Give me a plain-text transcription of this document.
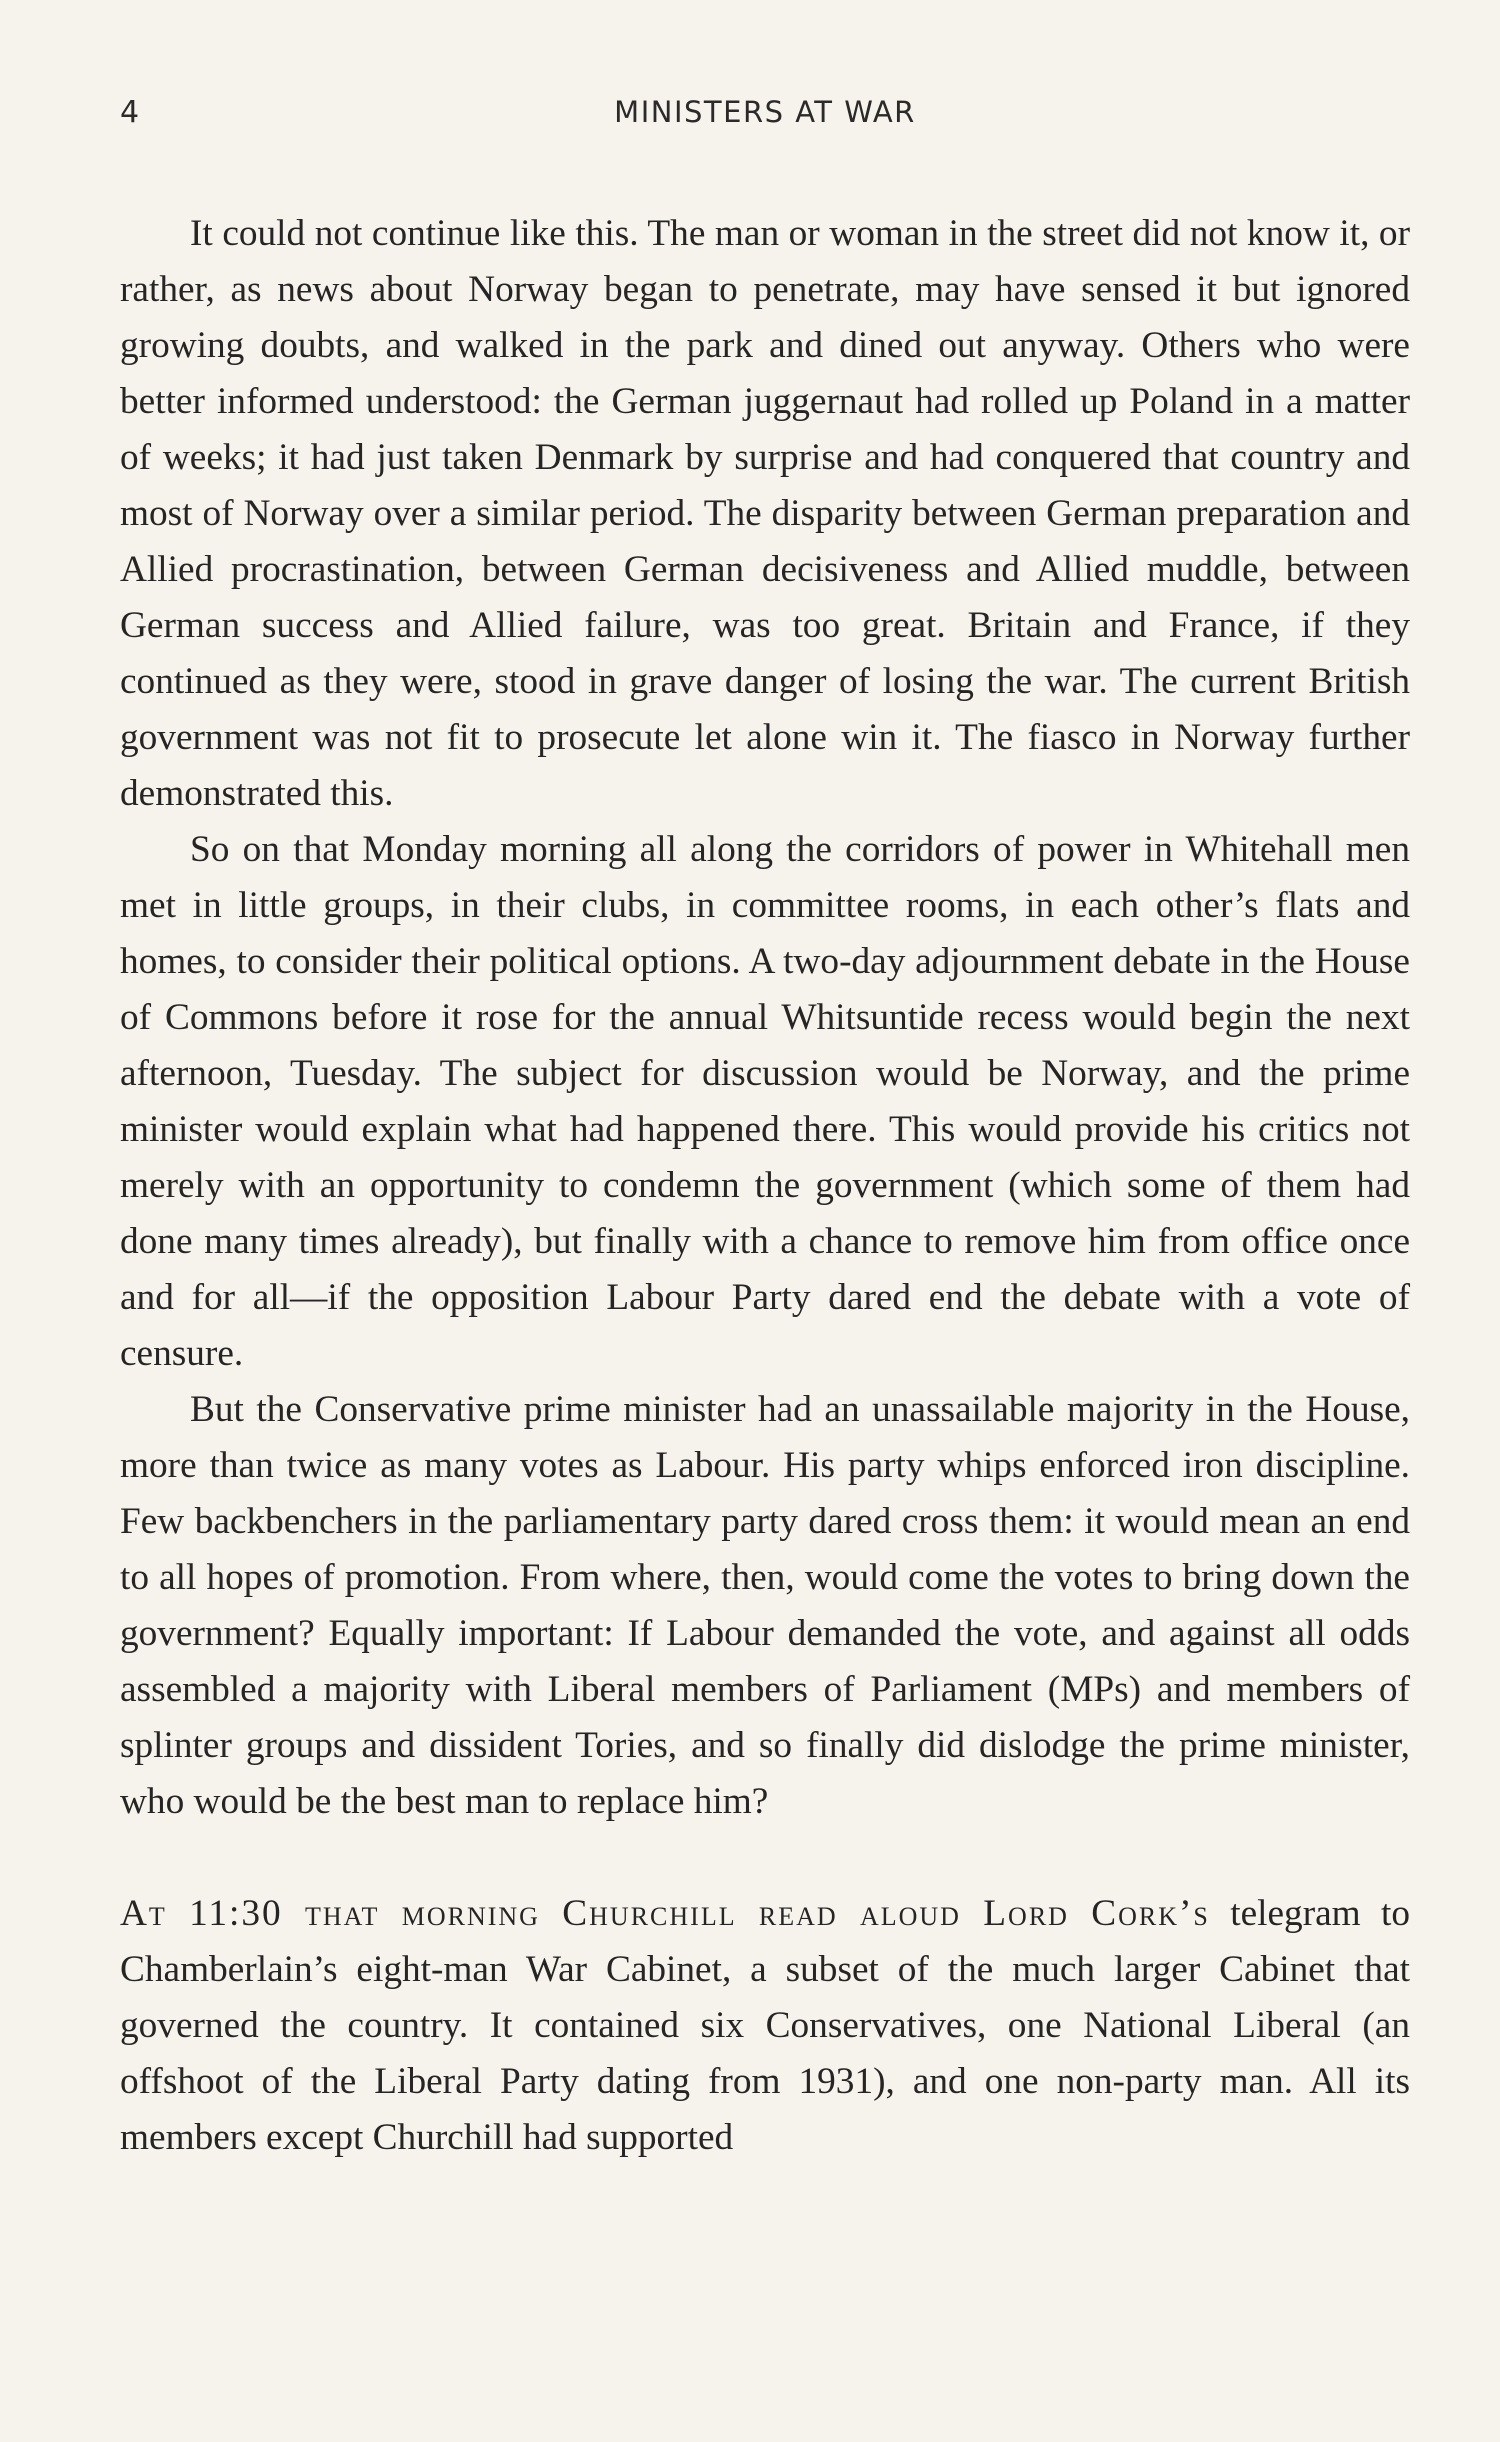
4	MINISTERS AT WAR

It could not continue like this. The man or woman in the street did not know it, or rather, as news about Norway began to penetrate, may have sensed it but ignored growing doubts, and walked in the park and dined out anyway. Others who were better informed understood: the German juggernaut had rolled up Poland in a matter of weeks; it had just taken Denmark by surprise and had conquered that country and most of Norway over a similar period. The disparity between German preparation and Allied procrastination, between German decisiveness and Allied muddle, between German success and Allied failure, was too great. Britain and France, if they continued as they were, stood in grave danger of losing the war. The current British government was not fit to prosecute let alone win it. The fiasco in Norway further demonstrated this.

So on that Monday morning all along the corridors of power in Whitehall men met in little groups, in their clubs, in committee rooms, in each other’s flats and homes, to consider their political options. A two-day adjournment debate in the House of Commons before it rose for the annual Whitsuntide recess would begin the next afternoon, Tuesday. The subject for discussion would be Norway, and the prime minister would explain what had happened there. This would provide his critics not merely with an opportunity to condemn the government (which some of them had done many times already), but finally with a chance to remove him from office once and for all—if the opposition Labour Party dared end the debate with a vote of censure.

But the Conservative prime minister had an unassailable majority in the House, more than twice as many votes as Labour. His party whips enforced iron discipline. Few backbenchers in the parliamentary party dared cross them: it would mean an end to all hopes of promotion. From where, then, would come the votes to bring down the government? Equally important: If Labour demanded the vote, and against all odds assembled a majority with Liberal members of Parliament (MPs) and members of splinter groups and dissident Tories, and so finally did dislodge the prime minister, who would be the best man to replace him?

At 11:30 that morning Churchill read aloud Lord Cork’s telegram to Chamberlain’s eight-man War Cabinet, a subset of the much larger Cabinet that governed the country. It contained six Conservatives, one National Liberal (an offshoot of the Liberal Party dating from 1931), and one non-party man. All its members except Churchill had supported
